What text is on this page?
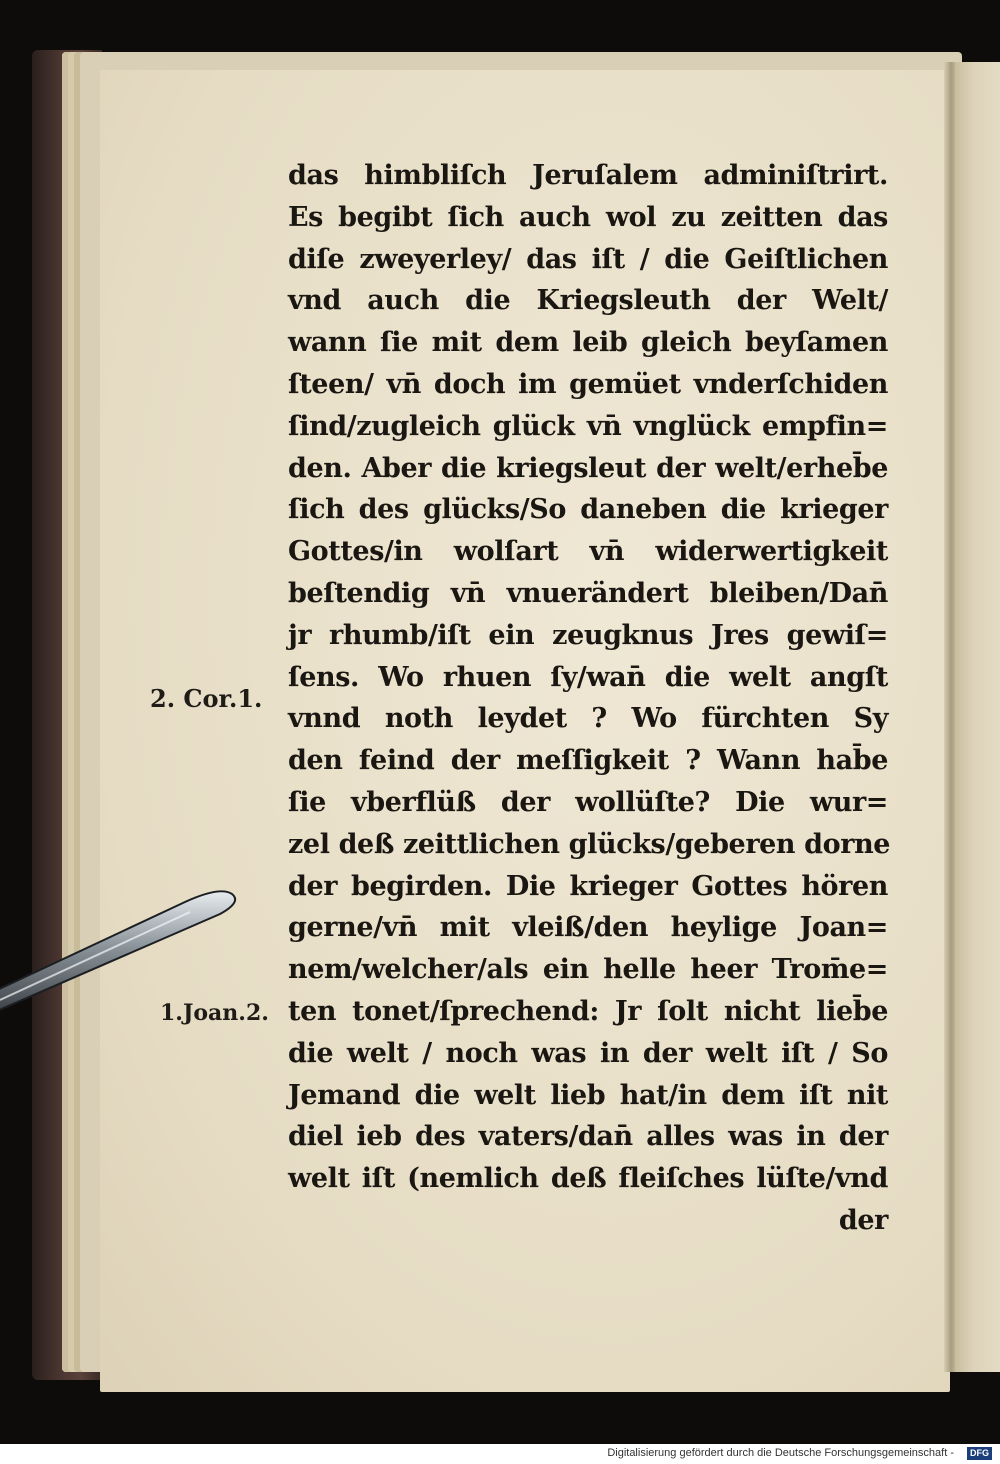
das himbliſch Jeruſalem adminiſtrirt.
Es begibt ſich auch wol zu zeitten das
diſe zweyerley/ das iſt / die Geiſtlichen
vnd auch die Kriegsleuth der Welt/
wann ſie mit dem leib gleich beyſamen
ſteen/ vn̄ doch im gemüet vnderſchiden
ſind/zugleich glück vn̄ vnglück empfin=
den. Aber die kriegsleut der welt/erheb̄e
ſich des glücks/So daneben die krieger
Gottes/in wolſart vn̄ widerwertigkeit
beſtendig vn̄ vnuerändert bleiben/Dan̄
jr rhumb/iſt ein zeugknus Jres gewiſ=
ſens. Wo rhuen ſy/wan̄ die welt angſt
vnnd noth leydet ? Wo fürchten Sy
den feind der meſſigkeit ? Wann hab̄e
ſie vberflüß der wollüſte? Die wur=
zel deß zeittlichen glücks/geberen dorne
der begirden. Die krieger Gottes hören
gerne/vn̄ mit vleiß/den heylige Joan=
nem/welcher/als ein helle heer Trom̄e=
ten tonet/ſprechend: Jr ſolt nicht lieb̄e
die welt / noch was in der welt iſt / So
Jemand die welt lieb hat/in dem iſt nit
diel ieb des vaters/dan̄ alles was in der
welt iſt (nemlich deß fleiſches lüſte/vnd
der
2. Cor.1.
1.Joan.2.
Digitalisierung gefördert durch die Deutsche Forschungsgemeinschaft -	DFG
